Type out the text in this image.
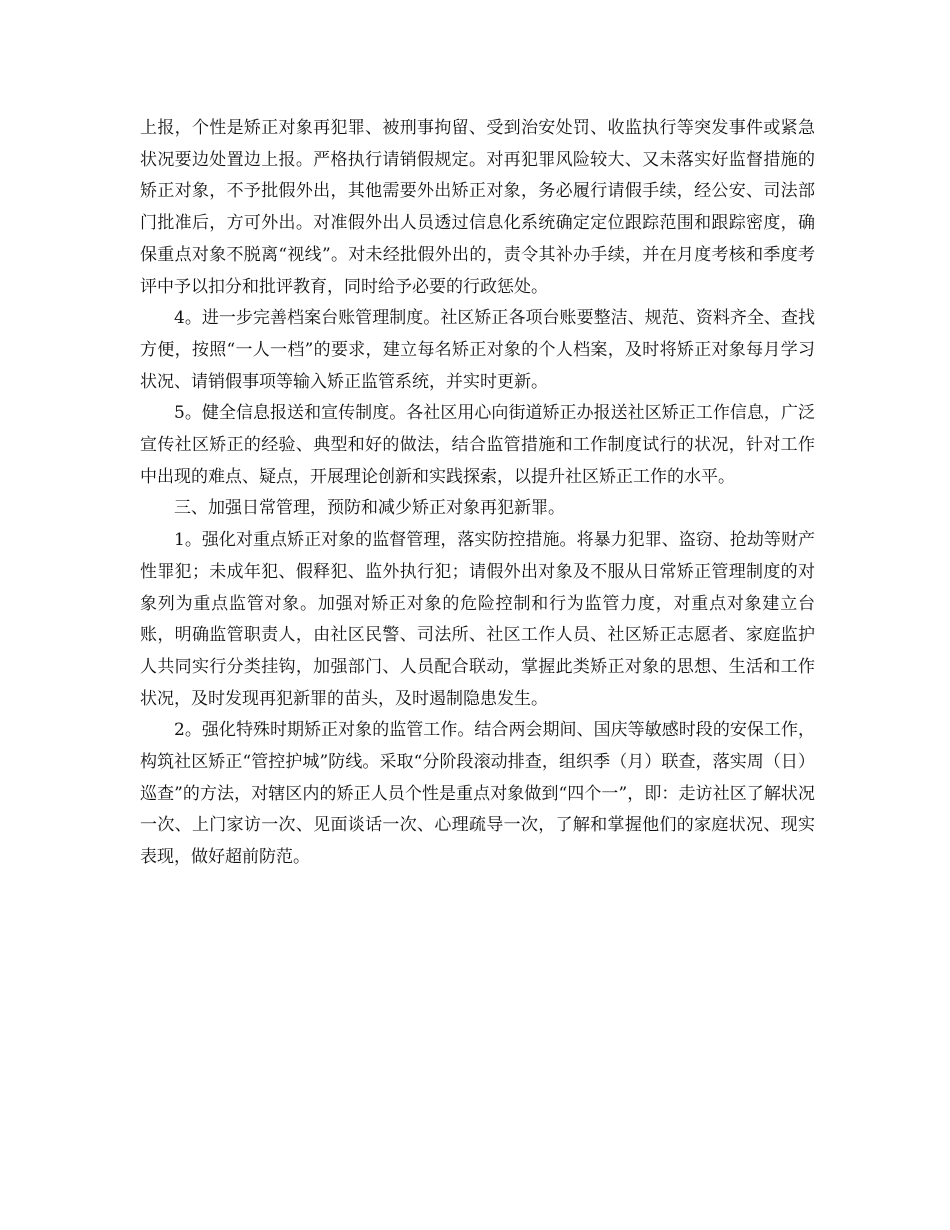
上报，个性是矫正对象再犯罪、被刑事拘留、受到治安处罚、收监执行等突发事件或紧急状况要边处置边上报。严格执行请销假规定。对再犯罪风险较大、又未落实好监督措施的矫正对象，不予批假外出，其他需要外出矫正对象，务必履行请假手续，经公安、司法部门批准后，方可外出。对准假外出人员透过信息化系统确定定位跟踪范围和跟踪密度，确保重点对象不脱离“视线”。对未经批假外出的，责令其补办手续，并在月度考核和季度考评中予以扣分和批评教育，同时给予必要的行政惩处。

4。进一步完善档案台账管理制度。社区矫正各项台账要整洁、规范、资料齐全、查找方便，按照“一人一档”的要求，建立每名矫正对象的个人档案，及时将矫正对象每月学习状况、请销假事项等输入矫正监管系统，并实时更新。

5。健全信息报送和宣传制度。各社区用心向街道矫正办报送社区矫正工作信息，广泛宣传社区矫正的经验、典型和好的做法，结合监管措施和工作制度试行的状况，针对工作中出现的难点、疑点，开展理论创新和实践探索，以提升社区矫正工作的水平。

三、加强日常管理，预防和减少矫正对象再犯新罪。

1。强化对重点矫正对象的监督管理，落实防控措施。将暴力犯罪、盗窃、抢劫等财产性罪犯；未成年犯、假释犯、监外执行犯；请假外出对象及不服从日常矫正管理制度的对象列为重点监管对象。加强对矫正对象的危险控制和行为监管力度，对重点对象建立台账，明确监管职责人，由社区民警、司法所、社区工作人员、社区矫正志愿者、家庭监护人共同实行分类挂钩，加强部门、人员配合联动，掌握此类矫正对象的思想、生活和工作状况，及时发现再犯新罪的苗头，及时遏制隐患发生。

2。强化特殊时期矫正对象的监管工作。结合两会期间、国庆等敏感时段的安保工作，构筑社区矫正“管控护城”防线。采取“分阶段滚动排查，组织季（月）联查，落实周（日）巡查”的方法，对辖区内的矫正人员个性是重点对象做到“四个一”，即：走访社区了解状况一次、上门家访一次、见面谈话一次、心理疏导一次，了解和掌握他们的家庭状况、现实表现，做好超前防范。
